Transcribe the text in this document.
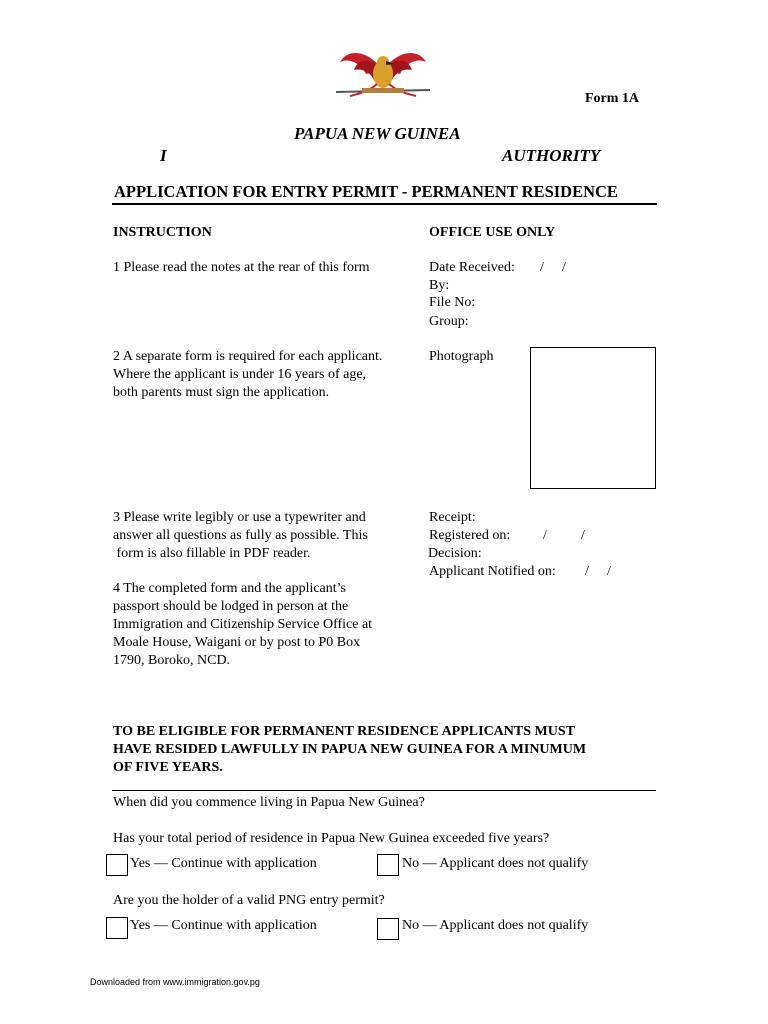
Form 1A
PAPUA NEW GUINEA
I	AUTHORITY
APPLICATION FOR ENTRY PERMIT - PERMANENT RESIDENCE
INSTRUCTION
1 Please read the notes at the rear of this form
2 A separate form is required for each applicant.
Where the applicant is under 16 years of age,
both parents must sign the application.
3 Please write legibly or use a typewriter and
answer all questions as fully as possible. This
form is also fillable in PDF reader.
4 The completed form and the applicant’s
passport should be lodged in person at the
Immigration and Citizenship Service Office at
Moale House, Waigani or by post to P0 Box
1790, Boroko, NCD.
OFFICE USE ONLY
Date Received: / /
By:
File No:
Group:
Photograph
Receipt:
Registered on: / /
Decision:
Applicant Notified on: / /
TO BE ELIGIBLE FOR PERMANENT RESIDENCE APPLICANTS MUST
HAVE RESIDED LAWFULLY IN PAPUA NEW GUINEA FOR A MINUMUM
OF FIVE YEARS.
When did you commence living in Papua New Guinea?
Has your total period of residence in Papua New Guinea exceeded five years?
Yes — Continue with application	No — Applicant does not qualify
Are you the holder of a valid PNG entry permit?
Yes — Continue with application	No — Applicant does not qualify
Downloaded from www.immigration.gov.pg
